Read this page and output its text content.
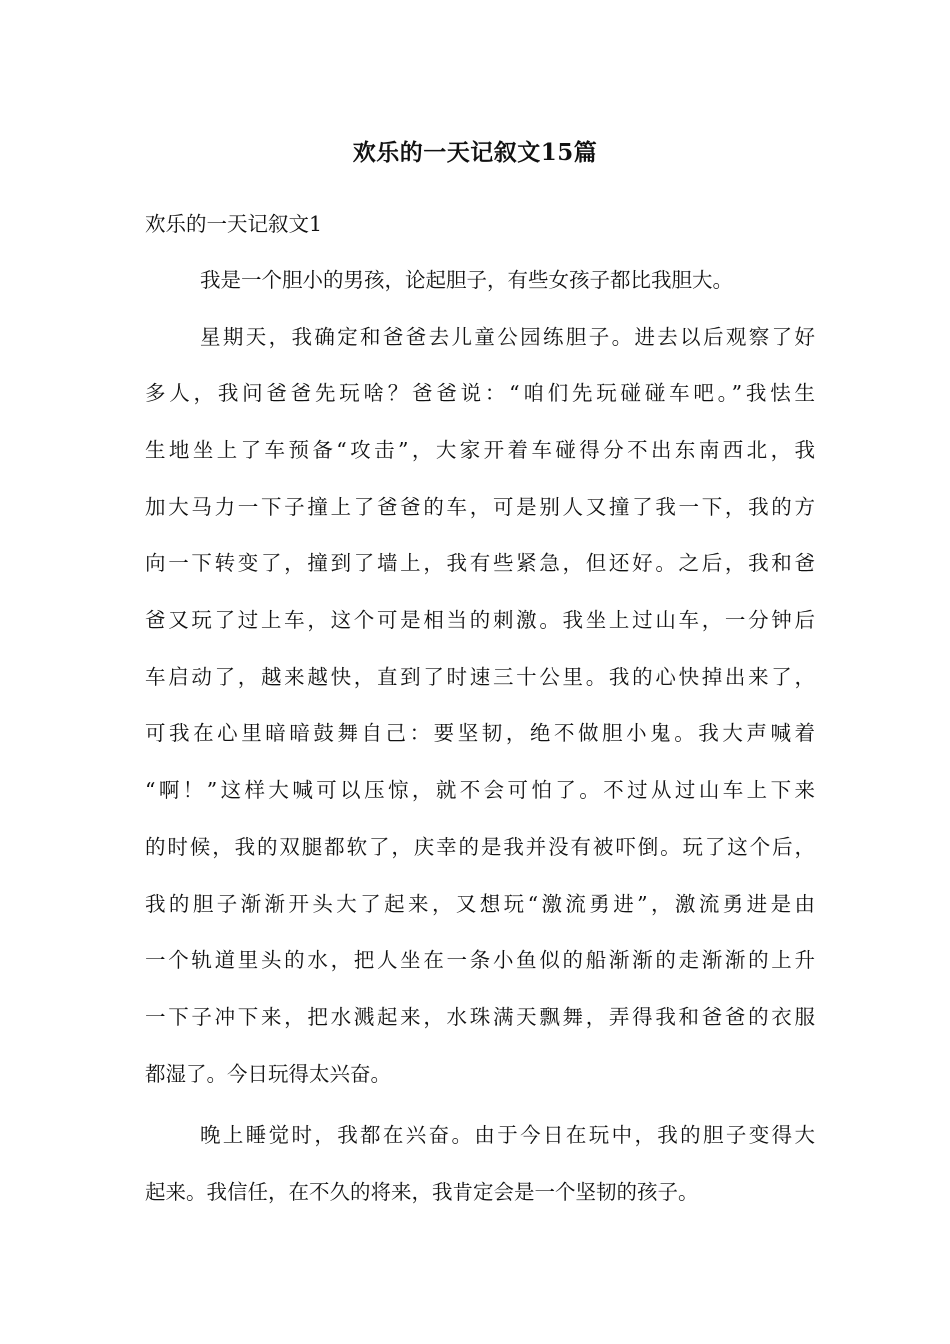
欢乐的一天记叙文15篇

欢乐的一天记叙文1

我是一个胆小的男孩，论起胆子，有些女孩子都比我胆大。

星期天，我确定和爸爸去儿童公园练胆子。进去以后观察了好

多人，我问爸爸先玩啥？爸爸说：“咱们先玩碰碰车吧。”我怯生

生地坐上了车预备“攻击”，大家开着车碰得分不出东南西北，我

加大马力一下子撞上了爸爸的车，可是别人又撞了我一下，我的方

向一下转变了，撞到了墙上，我有些紧急，但还好。之后，我和爸

爸又玩了过上车，这个可是相当的刺激。我坐上过山车，一分钟后

车启动了，越来越快，直到了时速三十公里。我的心快掉出来了，

可我在心里暗暗鼓舞自己：要坚韧，绝不做胆小鬼。我大声喊着

“啊！”这样大喊可以压惊，就不会可怕了。不过从过山车上下来

的时候，我的双腿都软了，庆幸的是我并没有被吓倒。玩了这个后，

我的胆子渐渐开头大了起来，又想玩“激流勇进”，激流勇进是由

一个轨道里头的水，把人坐在一条小鱼似的船渐渐的走渐渐的上升

一下子冲下来，把水溅起来，水珠满天飘舞，弄得我和爸爸的衣服

都湿了。今日玩得太兴奋。

晚上睡觉时，我都在兴奋。由于今日在玩中，我的胆子变得大

起来。我信任，在不久的将来，我肯定会是一个坚韧的孩子。
